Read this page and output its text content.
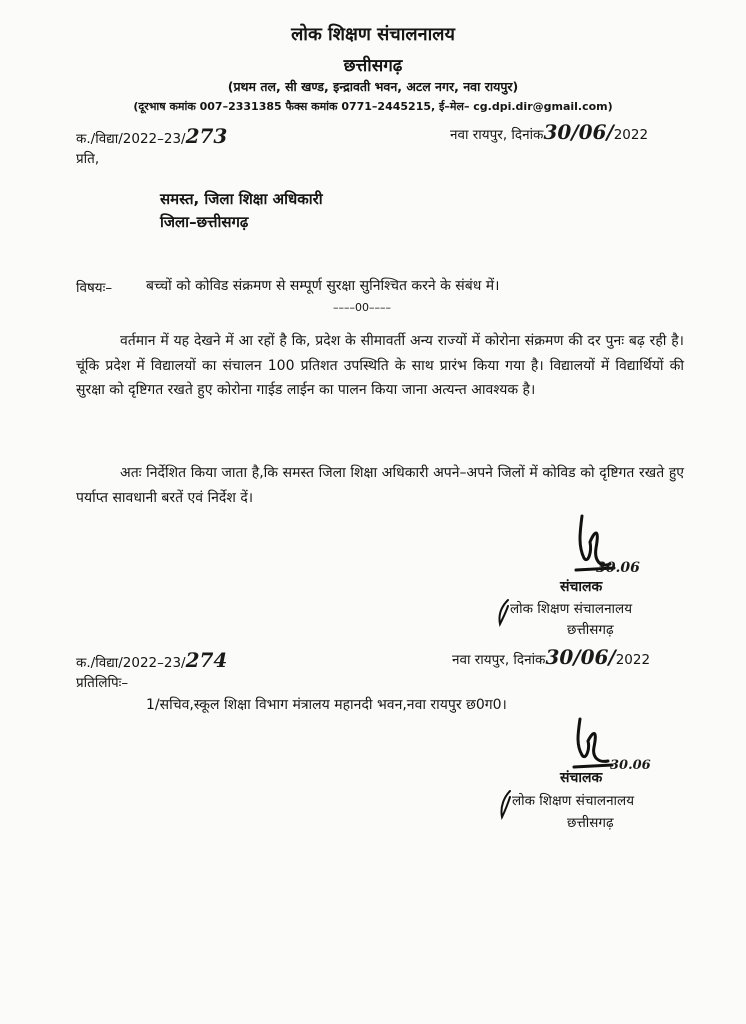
लोक शिक्षण संचालनालय
छत्तीसगढ़
(प्रथम तल, सी खण्ड, इन्द्रावती भवन, अटल नगर, नवा रायपुर)
(दूरभाष कमांक 007–2331385 फैक्स कमांक 0771–2445215, ई–मेल– cg.dpi.dir@gmail.com)
क./विद्या/2022–23/273	नवा रायपुर, दिनांक30/06/2022
प्रति,
समस्त, जिला शिक्षा अधिकारी
जिला–छत्तीसगढ़
विषयः– बच्चों को कोविड संक्रमण से सम्पूर्ण सुरक्षा सुनिश्चित करने के संबंध में।
––––00––––
वर्तमान में यह देखने में आ रहों है कि, प्रदेश के सीमावर्ती अन्य राज्यों में कोरोना संक्रमण की दर पुनः बढ़ रही है। चूंकि प्रदेश में विद्यालयों का संचालन 100 प्रतिशत उपस्थिति के साथ प्रारंभ किया गया है। विद्यालयों में विद्यार्थियों की सुरक्षा को दृष्टिगत रखते हुए कोरोना गाईड लाईन का पालन किया जाना अत्यन्त आवश्यक है।
अतः निर्देशित किया जाता है,कि समस्त जिला शिक्षा अधिकारी अपने–अपने जिलों में कोविड को दृष्टिगत रखते हुए पर्याप्त सावधानी बरतें एवं निर्देश दें।
30.06
संचालक
लोक शिक्षण संचालनालय
छत्तीसगढ़
क./विद्या/2022–23/274	नवा रायपुर, दिनांक30/06/2022
प्रतिलिपिः–
1/सचिव,स्कूल शिक्षा विभाग मंत्रालय महानदी भवन,नवा रायपुर छ0ग0।
30.06
संचालक
लोक शिक्षण संचालनालय
छत्तीसगढ़
